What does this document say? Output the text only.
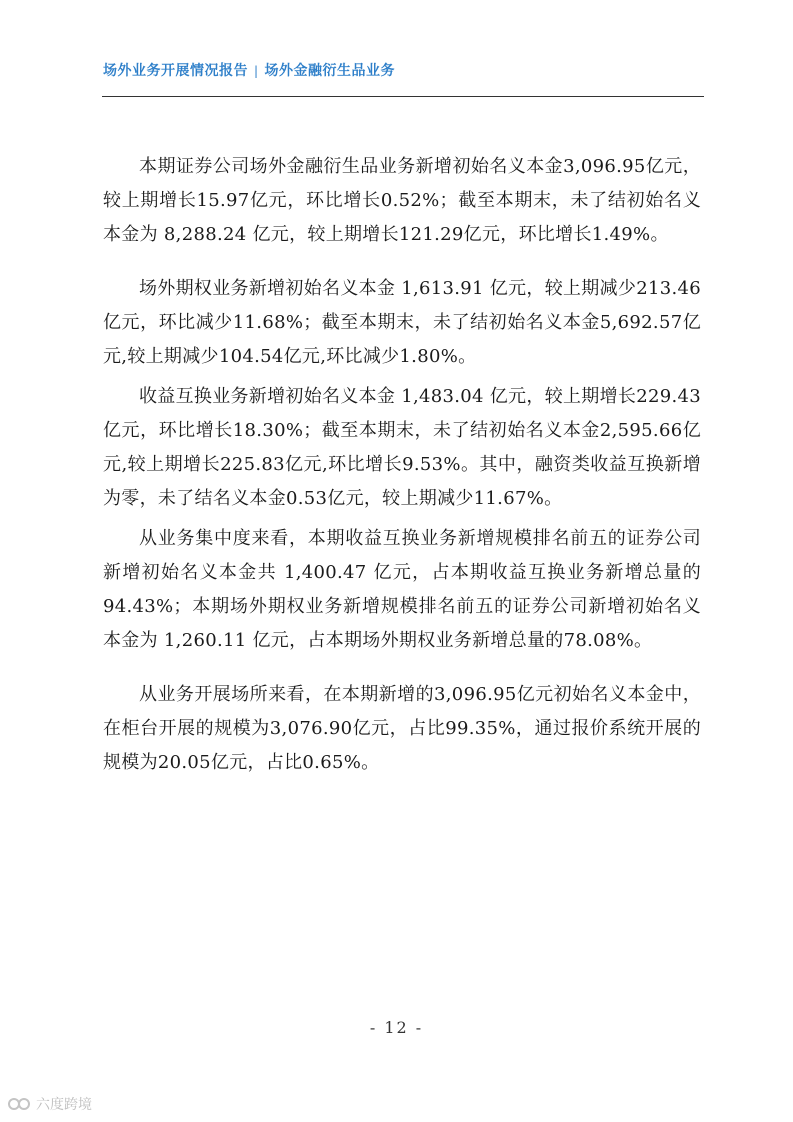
场外业务开展情况报告 | 场外金融衍生品业务

本期证券公司场外金融衍生品业务新增初始名义本金3,096.95亿元，较上期增长15.97亿元，环比增长0.52%；截至本期末，未了结初始名义本金为 8,288.24 亿元，较上期增长121.29亿元，环比增长1.49%。

场外期权业务新增初始名义本金 1,613.91 亿元，较上期减少213.46亿元，环比减少11.68%；截至本期末，未了结初始名义本金5,692.57亿元,较上期减少104.54亿元,环比减少1.80%。

收益互换业务新增初始名义本金 1,483.04 亿元，较上期增长229.43亿元，环比增长18.30%；截至本期末，未了结初始名义本金2,595.66亿元,较上期增长225.83亿元,环比增长9.53%。其中，融资类收益互换新增为零，未了结名义本金0.53亿元，较上期减少11.67%。

从业务集中度来看，本期收益互换业务新增规模排名前五的证券公司新增初始名义本金共 1,400.47 亿元，占本期收益互换业务新增总量的94.43%；本期场外期权业务新增规模排名前五的证券公司新增初始名义本金为 1,260.11 亿元，占本期场外期权业务新增总量的78.08%。

从业务开展场所来看，在本期新增的3,096.95亿元初始名义本金中，在柜台开展的规模为3,076.90亿元，占比99.35%，通过报价系统开展的规模为20.05亿元，占比0.65%。

- 12 -
六度跨境
